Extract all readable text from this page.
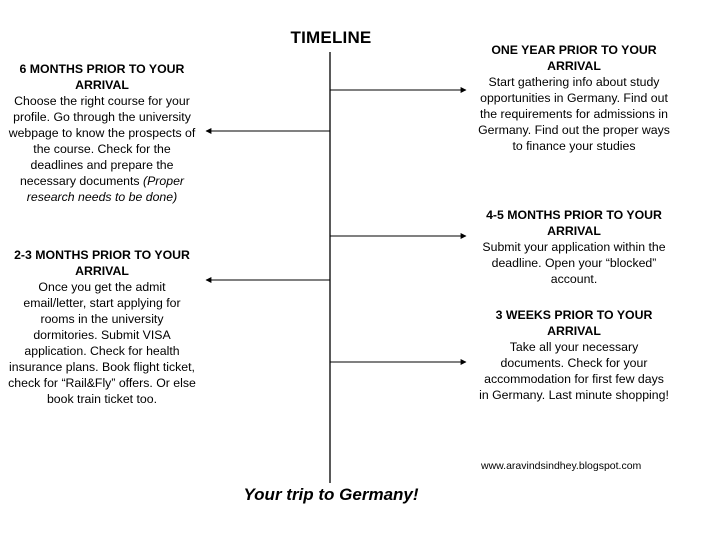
TIMELINE
ONE YEAR PRIOR TO YOUR ARRIVAL
Start gathering info about study opportunities in Germany. Find out the requirements for admissions in Germany. Find out the proper ways to finance your studies
6 MONTHS PRIOR TO YOUR ARRIVAL
Choose the right course for your profile. Go through the university webpage to know the prospects of the course. Check for the deadlines and prepare the necessary documents (Proper research needs to be done)
4-5 MONTHS PRIOR TO YOUR ARRIVAL
Submit your application within the deadline. Open your “blocked” account.
2-3 MONTHS PRIOR TO YOUR ARRIVAL
Once you get the admit email/letter, start applying for rooms in the university dormitories. Submit VISA application. Check for health insurance plans. Book flight ticket, check for “Rail&Fly” offers. Or else book train ticket too.
3 WEEKS PRIOR TO YOUR ARRIVAL
Take all your necessary documents. Check for your accommodation for first few days in Germany. Last minute shopping!
www.aravindsindhey.blogspot.com
Your trip to Germany!
